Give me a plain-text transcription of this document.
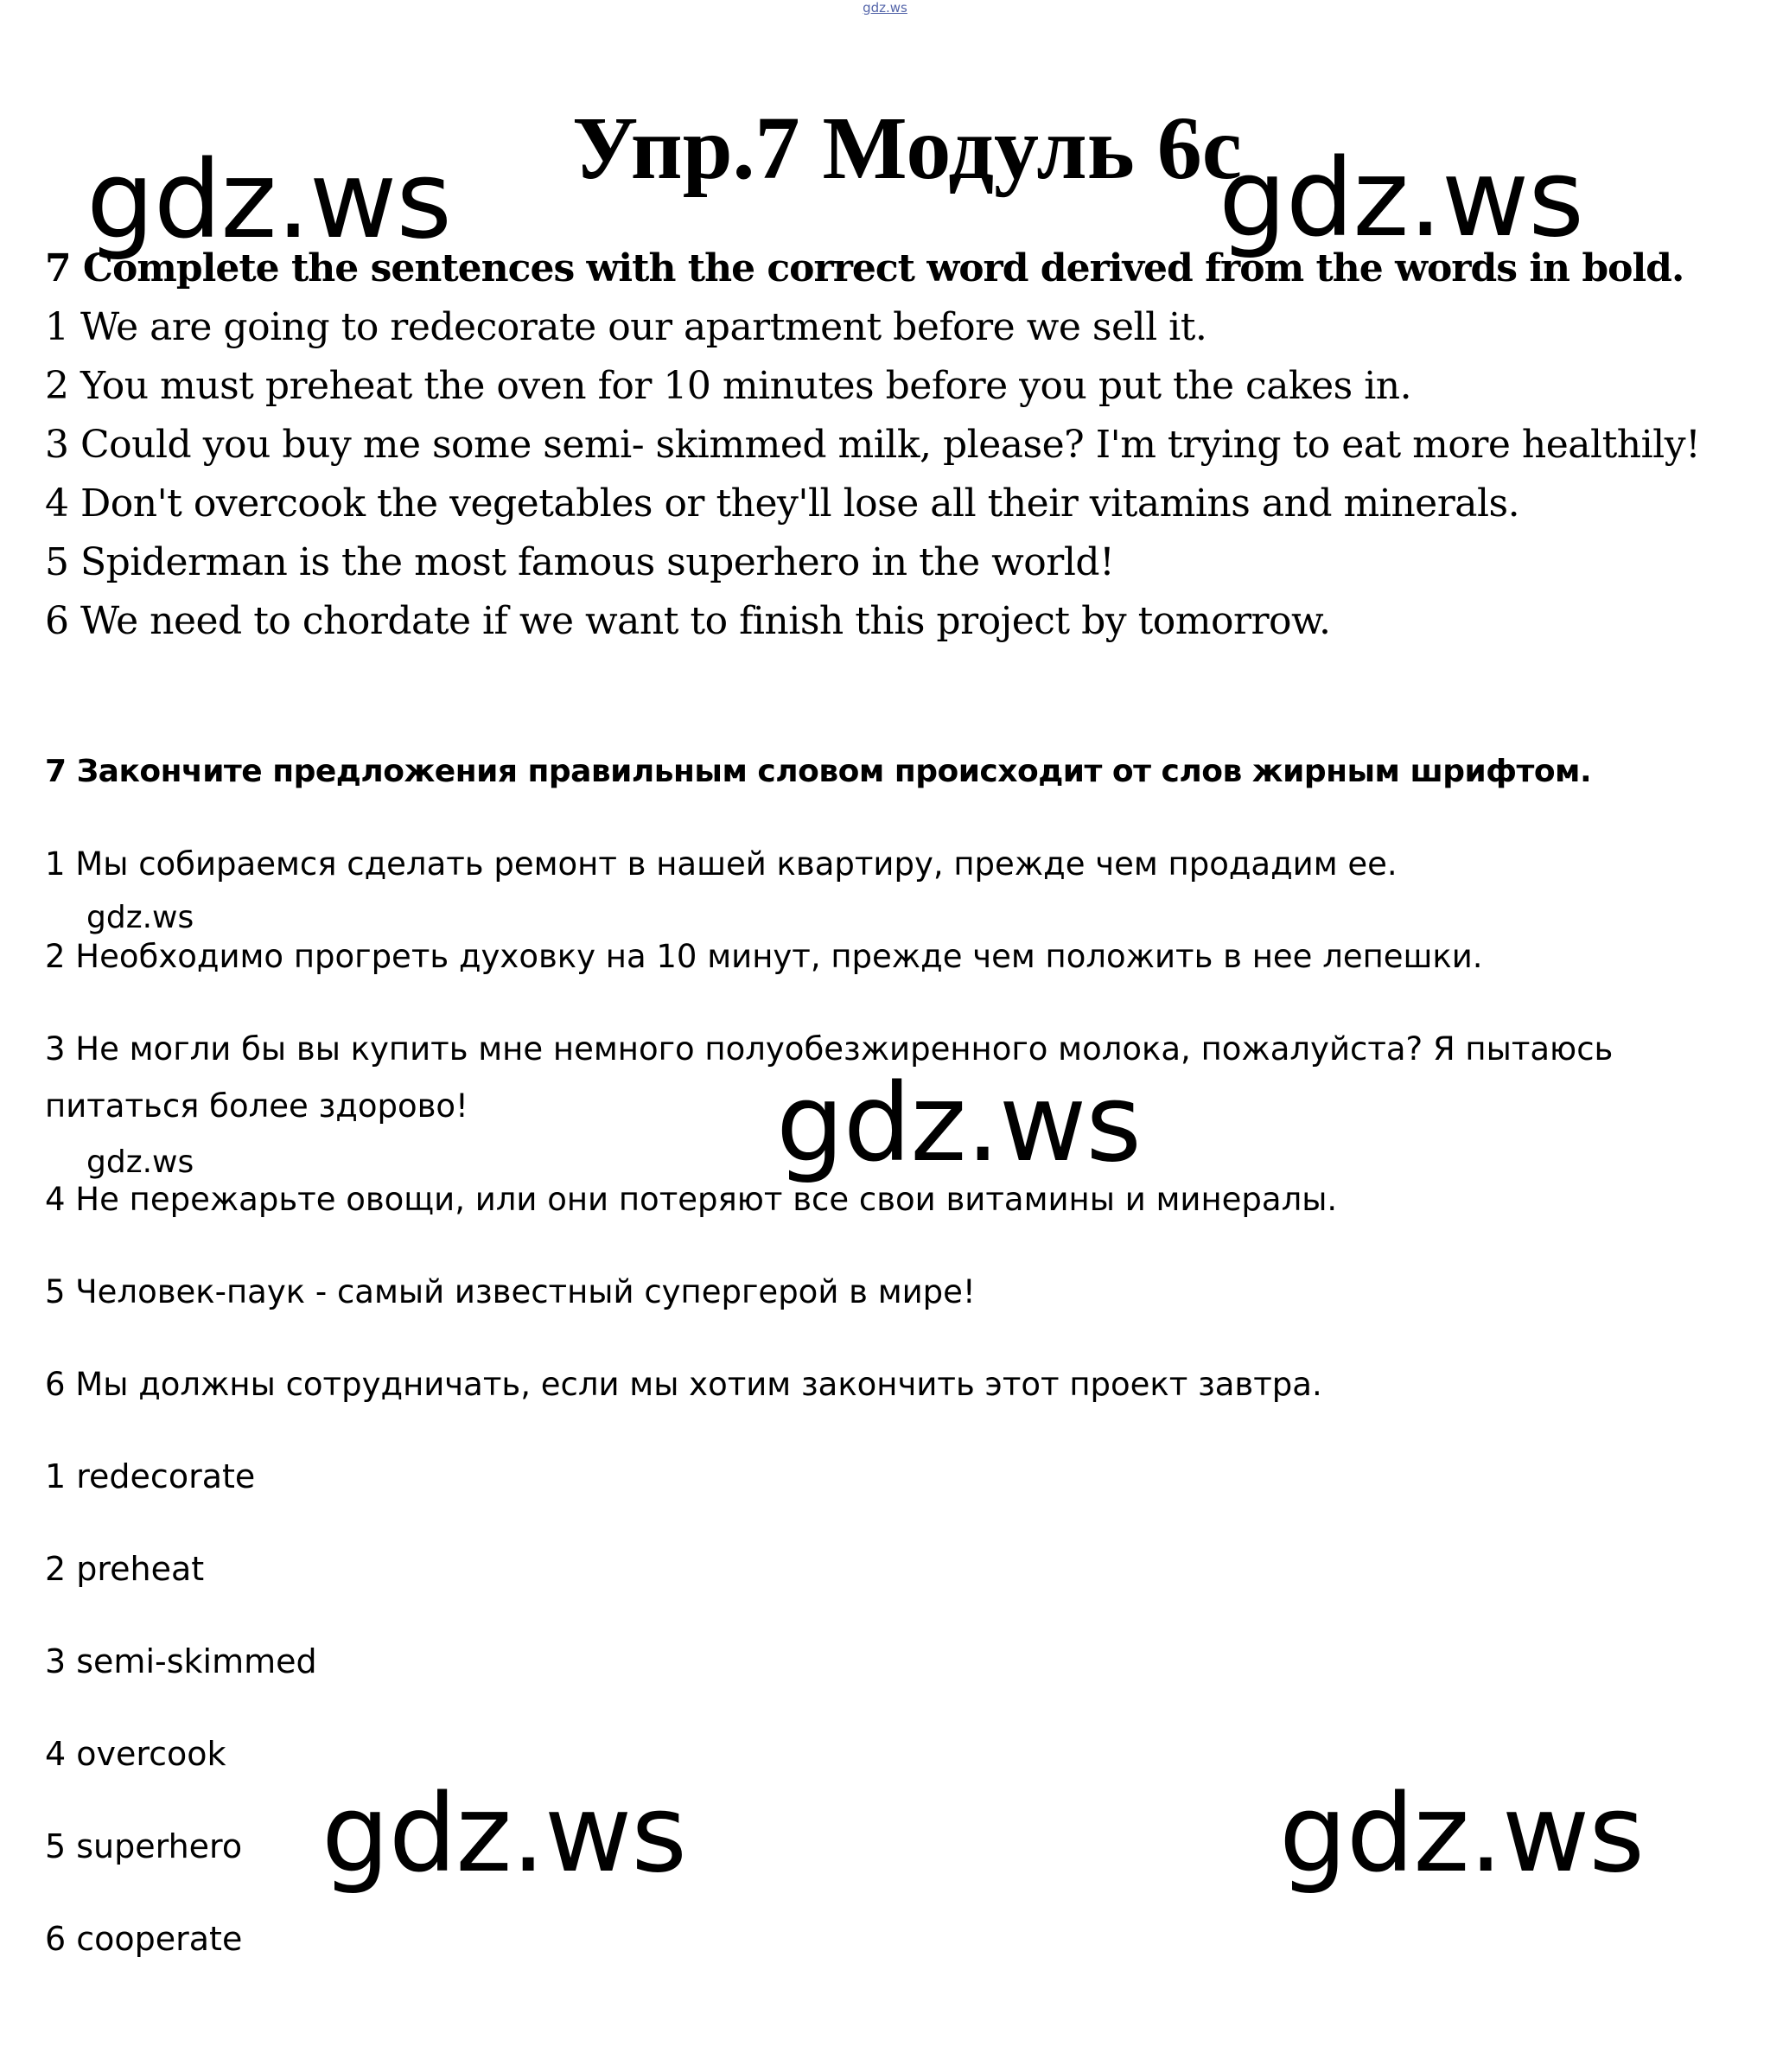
gdz.ws
Упр.7 Модуль 6с
gdz.ws	gdz.ws

7 Complete the sentences with the correct word derived from the words in bold.

1 We are going to redecorate our apartment before we sell it.

2 You must preheat the oven for 10 minutes before you put the cakes in.

3 Could you buy me some semi- skimmed milk, please? I'm trying to eat more healthily!

4 Don't overcook the vegetables or they'll lose all their vitamins and minerals.

5 Spiderman is the most famous superhero in the world!

6 We need to chordate if we want to finish this project by tomorrow.

7 Закончите предложения правильным словом происходит от слов жирным шрифтом.

1 Мы собираемся сделать ремонт в нашей квартиру, прежде чем продадим ее.

gdz.ws

2 Необходимо прогреть духовку на 10 минут, прежде чем положить в нее лепешки.

3 Не могли бы вы купить мне немного полуобезжиренного молока, пожалуйста? Я пытаюсь

питаться более здорово!	gdz.ws
gdz.ws

4 Не пережарьте овощи, или они потеряют все свои витамины и минералы.

5 Человек-паук - самый известный супергерой в мире!

6 Мы должны сотрудничать, если мы хотим закончить этот проект завтра.

1 redecorate

2 preheat

3 semi-skimmed

4 overcook

5 superhero

6 cooperate

gdz.ws	gdz.ws
